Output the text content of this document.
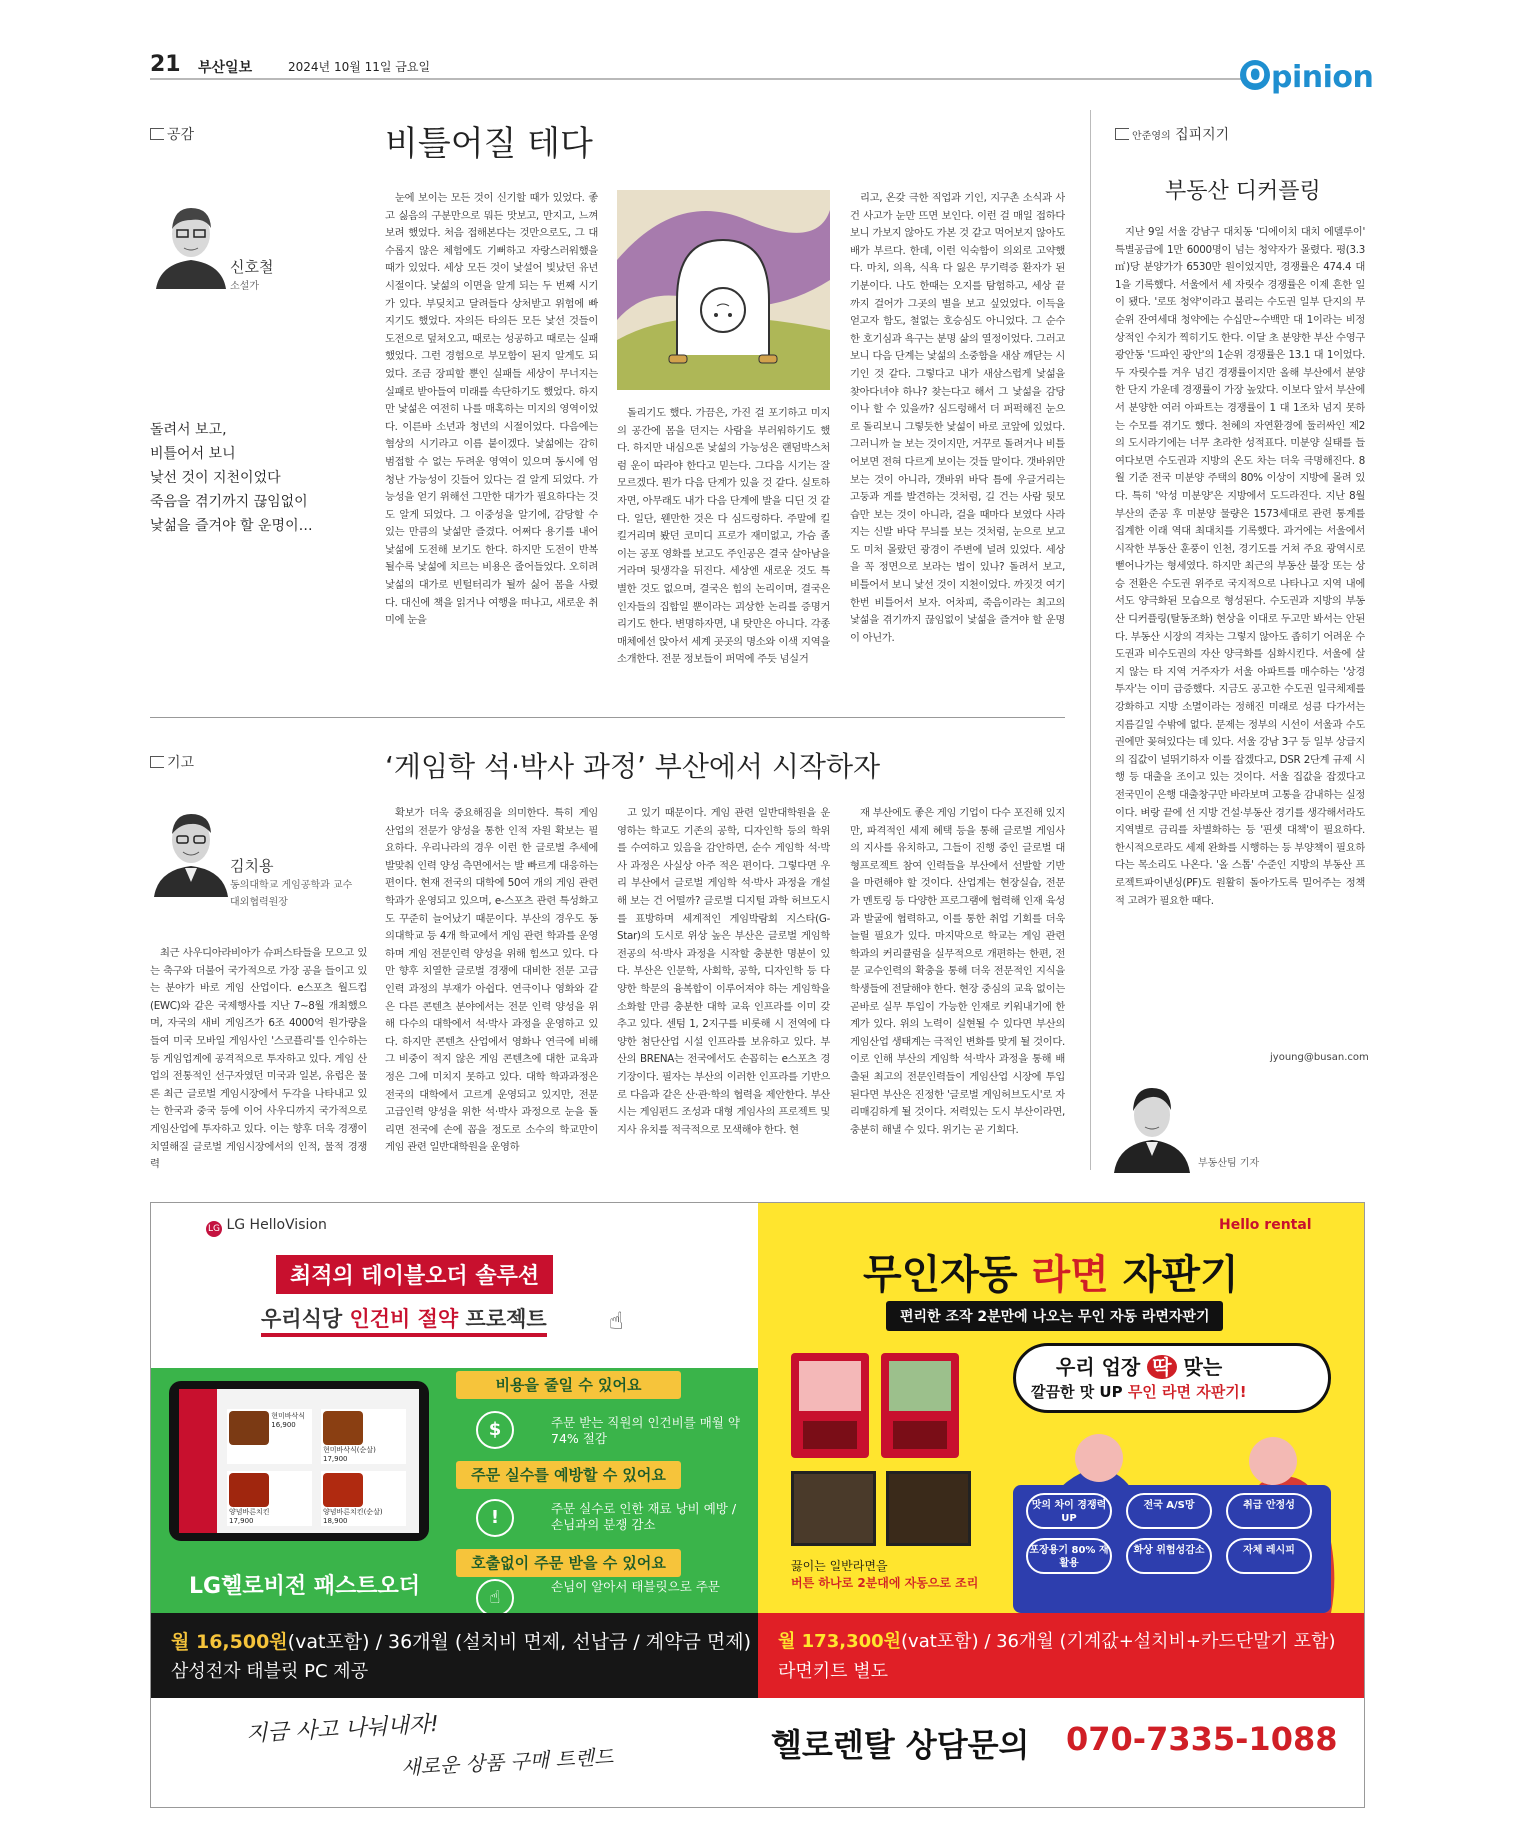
21 부산일보	2024년 10월 11일 금요일	O pinion
공감	비틀어질 테다
신호철
소설가
돌려서 보고,
비틀어서 보니
낯선 것이 지천이었다
죽음을 겪기까지 끊임없이
낯섦을 즐겨야 할 운명이…

눈에 보이는 모든 것이 신기할 때가 있었다. 좋고 싫음의 구분만으로 뭐든 맛보고, 만지고, 느껴보려 했었다. 처음 접해본다는 것만으로도, 그 대수롭지 않은 체험에도 기뻐하고 자랑스러워했을 때가 있었다. 세상 모든 것이 낯설어 빛났던 유년 시절이다. 낯섦의 이면을 알게 되는 두 번째 시기가 있다. 부딪치고 달려들다 상처받고 위험에 빠지기도 했었다. 자의든 타의든 모든 낯선 것들이 도전으로 덮쳐오고, 때로는 성공하고 때로는 실패했었다. 그런 경험으로 부모함이 된지 알게도 되었다. 조금 장피할 뿐인 실패들 세상이 무너지는 실패로 받아들여 미래를 속단하기도 했었다. 하지만 낯섦은 여전히 나를 매혹하는 미지의 영역이었다. 이른바 소년과 청년의 시절이었다. 다음에는 혐상의 시기라고 이름 붙이겠다. 낯섦에는 감히 범접할 수 없는 두려운 영역이 있으며 동시에 엄청난 가능성이 깃들어 있다는 걸 알게 되었다. 가능성을 얻기 위해선 그만한 대가가 필요하다는 것도 알게 되었다. 그 이중성을 알기에, 감당할 수 있는 만큼의 낯섦만 즐겼다. 어쩌다 용기를 내어 낯섦에 도전해 보기도 한다. 하지만 도전이 반복될수록 낯섦에 치르는 비용은 줄어들었다. 오히려 낯섦의 대가로 빈털터리가 될까 싫어 몸을 사렸다. 대신에 책을 읽거나 여행을 떠나고, 새로운 취미에 눈을

돌리기도 했다. 가끔은, 가진 걸 포기하고 미지의 공간에 몸을 던지는 사람을 부러워하기도 했다. 하지만 내심으론 낯섦의 가능성은 랜덤박스처럼 운이 따라야 한다고 믿는다. 그다음 시기는 잘 모르겠다. 뭔가 다음 단계가 있을 것 같다. 실토하자면, 아무래도 내가 다음 단계에 발을 디딘 것 같다. 일단, 웬만한 것은 다 심드렁하다. 주말에 킬킬거리며 봤던 코미디 프로가 재미없고, 가슴 졸이는 공포 영화를 보고도 주인공은 결국 살아남을 거라며 뒷생각을 뒤진다. 세상엔 새로운 것도 특별한 것도 없으며, 결국은 힘의 논리이며, 결국은 인자들의 집합일 뿐이라는 괴상한 논리를 증명거리기도 한다. 변명하자면, 내 탓만은 아니다. 각종 매체에선 앉아서 세계 곳곳의 명소와 이색 지역을 소개한다. 전문 정보들이 퍼먹에 주듯 넘실거

리고, 온갖 극한 직업과 기인, 지구촌 소식과 사건 사고가 눈만 뜨면 보인다. 이런 걸 매일 접하다 보니 가보지 않아도 가본 것 같고 먹어보지 않아도 배가 부르다. 한데, 이런 익숙함이 의외로 고약했다. 마치, 의욕, 식욕 다 잃은 무기력증 환자가 된 기분이다. 나도 한때는 오지를 탐험하고, 세상 끝까지 걸어가 그곳의 별을 보고 싶었었다. 이득을 얻고자 함도, 철없는 호승심도 아니었다. 그 순수한 호기심과 욕구는 분명 삶의 열정이었다. 그러고 보니 다음 단계는 낯섦의 소중함을 새삼 깨닫는 시기인 것 같다. 그렇다고 내가 새삼스럽게 낯섦을 찾아다녀야 하나? 찾는다고 해서 그 낯섦을 감당이나 할 수 있을까? 심드렁해서 더 퍼퍽해진 눈으로 돌리보니 그렇듯한 낯섦이 바로 코앞에 있었다. 그러니까 늘 보는 것이지만, 거꾸로 돌려거나 비틀어보면 전혀 다르게 보이는 것들 말이다. 갯바위만 보는 것이 아니라, 갯바위 바닥 틈에 우글거리는 고둥과 게를 발견하는 것처럼, 길 건는 사람 뒷모습만 보는 것이 아니라, 걸을 때마다 보였다 사라지는 신발 바닥 무늬를 보는 것처럼, 눈으로 보고도 미처 몰랐던 광경이 주변에 널려 있었다. 세상을 꼭 정면으로 보라는 법이 있나? 돌려서 보고, 비틀어서 보니 낯선 것이 지천이었다. 까짓것 여기 한번 비틀어서 보자. 어차피, 죽음이라는 최고의 낯섦을 겪기까지 끊임없이 낯섦을 즐겨야 할 운명이 아닌가.

기고	‘게임학 석·박사 과정’ 부산에서 시작하자
김치용
동의대학교 게임공학과 교수
대외협력원장

최근 사우디아라비아가 슈퍼스타들을 모으고 있는 축구와 더불어 국가적으로 가장 공을 들이고 있는 분야가 바로 게임 산업이다. e스포츠 월드컵(EWC)와 같은 국제행사를 지난 7~8월 개최했으며, 자국의 새비 게임즈가 6조 4000억 원가량을 들여 미국 모바일 게임사인 '스코플리'를 인수하는 등 게임업계에 공격적으로 투자하고 있다. 게임 산업의 전통적인 선구자였던 미국과 일본, 유럽은 물론 최근 글로벌 게임시장에서 두각을 나타내고 있는 한국과 중국 등에 이어 사우디까지 국가적으로 게임산업에 투자하고 있다. 이는 향후 더욱 경쟁이 치열해질 글로벌 게임시장에서의 인적, 물적 경쟁력

확보가 더욱 중요해짐을 의미한다. 특히 게임 산업의 전문가 양성을 통한 인적 자원 확보는 필요하다. 우리나라의 경우 이런 한 글로벌 추세에 발맞춰 인력 양성 측면에서는 발 빠르게 대응하는 편이다. 현재 전국의 대학에 50여 개의 게임 관련 학과가 운영되고 있으며, e-스포츠 관련 특성화고도 꾸준히 늘어났기 때문이다. 부산의 경우도 동의대학교 등 4개 학교에서 게임 관련 학과를 운영하며 게임 전문인력 양성을 위해 힘쓰고 있다. 다만 향후 치열한 글로벌 경쟁에 대비한 전문 고급인력 과정의 부재가 아쉽다. 연극이나 영화와 같은 다른 콘텐츠 분야에서는 전문 인력 양성을 위해 다수의 대학에서 석·박사 과정을 운영하고 있다. 하지만 콘텐츠 산업에서 영화나 연극에 비해 그 비중이 적지 않은 게임 콘텐츠에 대한 교육과정은 그에 미치지 못하고 있다. 대학 학과과정은 전국의 대학에서 고르게 운영되고 있지만, 전문 고급인력 양성을 위한 석·박사 과정으로 눈을 돌리면 전국에 손에 꼽을 정도로 소수의 학교만이 게임 관련 일반대학원을 운영하

고 있기 때문이다. 게임 관련 일반대학원을 운영하는 학교도 기존의 공학, 디자인학 등의 학위를 수여하고 있음을 감안하면, 순수 게임학 석·박사 과정은 사실상 아주 적은 편이다. 그렇다면 우리 부산에서 글로벌 게임학 석·박사 과정을 개설해 보는 건 어떨까? 글로벌 디지털 과학 허브도시를 표방하며 세계적인 게임박람회 지스타(G-Star)의 도시로 위상 높은 부산은 글로벌 게임학 전공의 석·박사 과정을 시작할 충분한 명분이 있다. 부산은 인문학, 사회학, 공학, 디자인학 등 다양한 학문의 융복합이 이루어져야 하는 게임학을 소화할 만큼 충분한 대학 교육 인프라를 이미 갖추고 있다. 센텀 1, 2지구를 비롯해 시 전역에 다양한 첨단산업 시설 인프라를 보유하고 있다. 부산의 BRENA는 전국에서도 손꼽히는 e스포츠 경기장이다. 필자는 부산의 이러한 인프라를 기반으로 다음과 같은 산·관·학의 협력을 제안한다. 부산시는 게임펀드 조성과 대형 게임사의 프로젝트 및 지사 유치를 적극적으로 모색해야 한다. 현

재 부산에도 좋은 게임 기업이 다수 포진해 있지만, 파격적인 세제 혜택 등을 통해 글로벌 게임사의 지사를 유치하고, 그들이 진행 중인 글로벌 대형프로젝트 참여 인력들을 부산에서 선발할 기반을 마련해야 할 것이다. 산업계는 현장실습, 전문가 멘토링 등 다양한 프로그램에 협력해 인재 육성과 발굴에 협력하고, 이를 통한 취업 기회를 더욱 늘릴 필요가 있다. 마지막으로 학교는 게임 관련 학과의 커리큘럼을 실무적으로 개편하는 한편, 전문 교수인력의 확충을 통해 더욱 전문적인 지식을 학생들에 전달해야 한다. 현장 중심의 교육 없이는 곧바로 실무 투입이 가능한 인재로 키워내기에 한계가 있다. 위의 노력이 실현될 수 있다면 부산의 게임산업 생태계는 극적인 변화를 맞게 될 것이다. 이로 인해 부산의 게임학 석·박사 과정을 통해 배출된 최고의 전문인력들이 게임산업 시장에 투입된다면 부산은 진정한 '글로벌 게임허브도시'로 자리매김하게 될 것이다. 저력있는 도시 부산이라면, 충분히 해낼 수 있다. 위기는 곧 기회다.

안준영의 집피지기
부동산 디커플링

지난 9일 서울 강남구 대치동 '디에이치 대치 에델루이' 특별공급에 1만 6000명이 넘는 청약자가 몰렸다. 평(3.3㎡)당 분양가가 6530만 원이었지만, 경쟁률은 474.4 대 1을 기록했다. 서울에서 세 자릿수 경쟁률은 이제 흔한 일이 됐다. '로또 청약'이라고 불리는 수도권 일부 단지의 무순위 잔여세대 청약에는 수십만~수백만 대 1이라는 비정상적인 수치가 찍히기도 한다. 이달 초 분양한 부산 수영구 광안동 '드파인 광안'의 1순위 경쟁률은 13.1 대 1이었다. 두 자릿수를 겨우 넘긴 경쟁률이지만 올해 부산에서 분양한 단지 가운데 경쟁률이 가장 높았다. 이보다 앞서 부산에서 분양한 여러 아파트는 경쟁률이 1 대 1조차 넘지 못하는 수모를 겪기도 했다. 천혜의 자연환경에 둘러싸인 제2의 도시라기에는 너무 초라한 성적표다. 미분양 실태를 들여다보면 수도권과 지방의 온도 차는 더욱 극명해진다. 8월 기준 전국 미분양 주택의 80% 이상이 지방에 몰려 있다. 특히 '악성 미분양'은 지방에서 도드라진다. 지난 8월 부산의 준공 후 미분양 물량은 1573세대로 관련 통계를 집계한 이래 역대 최대치를 기록했다. 과거에는 서울에서 시작한 부동산 훈풍이 인천, 경기도를 거쳐 주요 광역시로 뻗어나가는 형세였다. 하지만 최근의 부동산 불장 또는 상승 전환은 수도권 위주로 국지적으로 나타나고 지역 내에서도 양극화된 모습으로 형성된다. 수도권과 지방의 부동산 디커플링(탈동조화) 현상을 이대로 두고만 봐서는 안된다. 부동산 시장의 격차는 그렇지 않아도 좁히기 어려운 수도권과 비수도권의 자산 양극화를 심화시킨다. 서울에 살지 않는 타 지역 거주자가 서울 아파트를 매수하는 '상경 투자'는 이미 급증했다. 지금도 공고한 수도권 일극체제를 강화하고 지방 소멸이라는 정해진 미래로 성큼 다가서는 지름길일 수밖에 없다. 문제는 정부의 시선이 서울과 수도권에만 꽂혀있다는 데 있다. 서울 강남 3구 등 일부 상급지의 집값이 널뛰기하자 이를 잡겠다고, DSR 2단계 규제 시행 등 대출을 조이고 있는 것이다. 서울 집값을 잡겠다고 전국민이 은행 대출창구만 바라보며 고통을 감내하는 실정이다. 벼랑 끝에 선 지방 건설·부동산 경기를 생각해서라도 지역별로 금리를 차별화하는 등 '핀셋 대책'이 필요하다. 한시적으로라도 세제 완화를 시행하는 등 부양책이 필요하다는 목소리도 나온다. '올 스톱' 수준인 지방의 부동산 프로젝트파이낸싱(PF)도 원활히 돌아가도록 밀어주는 정책적 고려가 필요한 때다.

jyoung@busan.com
부동산팀 기자
LG LG HelloVision
최적의 테이블오더 솔루션
우리식당 인건비 절약 프로젝트	☝

현미바삭식
16,900

현미바삭식(순살)
17,900

양념바른치킨
17,900

양념바른치킨(순살)
18,900
LG헬로비전 패스트오더
비용을 줄일 수 있어요
$	주문 받는 직원의 인건비를 매월 약 74% 절감
주문 실수를 예방할 수 있어요
!	주문 실수로 인한 재료 낭비 예방 / 손님과의 분쟁 감소
호출없이 주문 받을 수 있어요
☝
손님이 알아서 태블릿으로 주문
Hello rental
무인자동 라면 자판기
편리한 조작 2분만에 나오는 무인 자동 라면자판기
끓이는 일반라면을
버튼 하나로 2분대에 자동으로 조리
우리 업장 딱 맞는
깔끔한 맛 UP 무인 라면 자판기!
맛의 차이 경쟁력UP
전국 A/S망	취급 안정성
포장용기 80% 재활용
화상 위험성감소	자체 레시피
월 16,500원(vat포함) / 36개월 (설치비 면제, 선납금 / 계약금 면제)
삼성전자 태블릿 PC 제공
월 173,300원(vat포함) / 36개월 (기계값+설치비+카드단말기 포함)
라면키트 별도
지금 사고 나눠내자!
새로운 상품 구매 트렌드	헬로렌탈 상담문의 070-7335-1088
